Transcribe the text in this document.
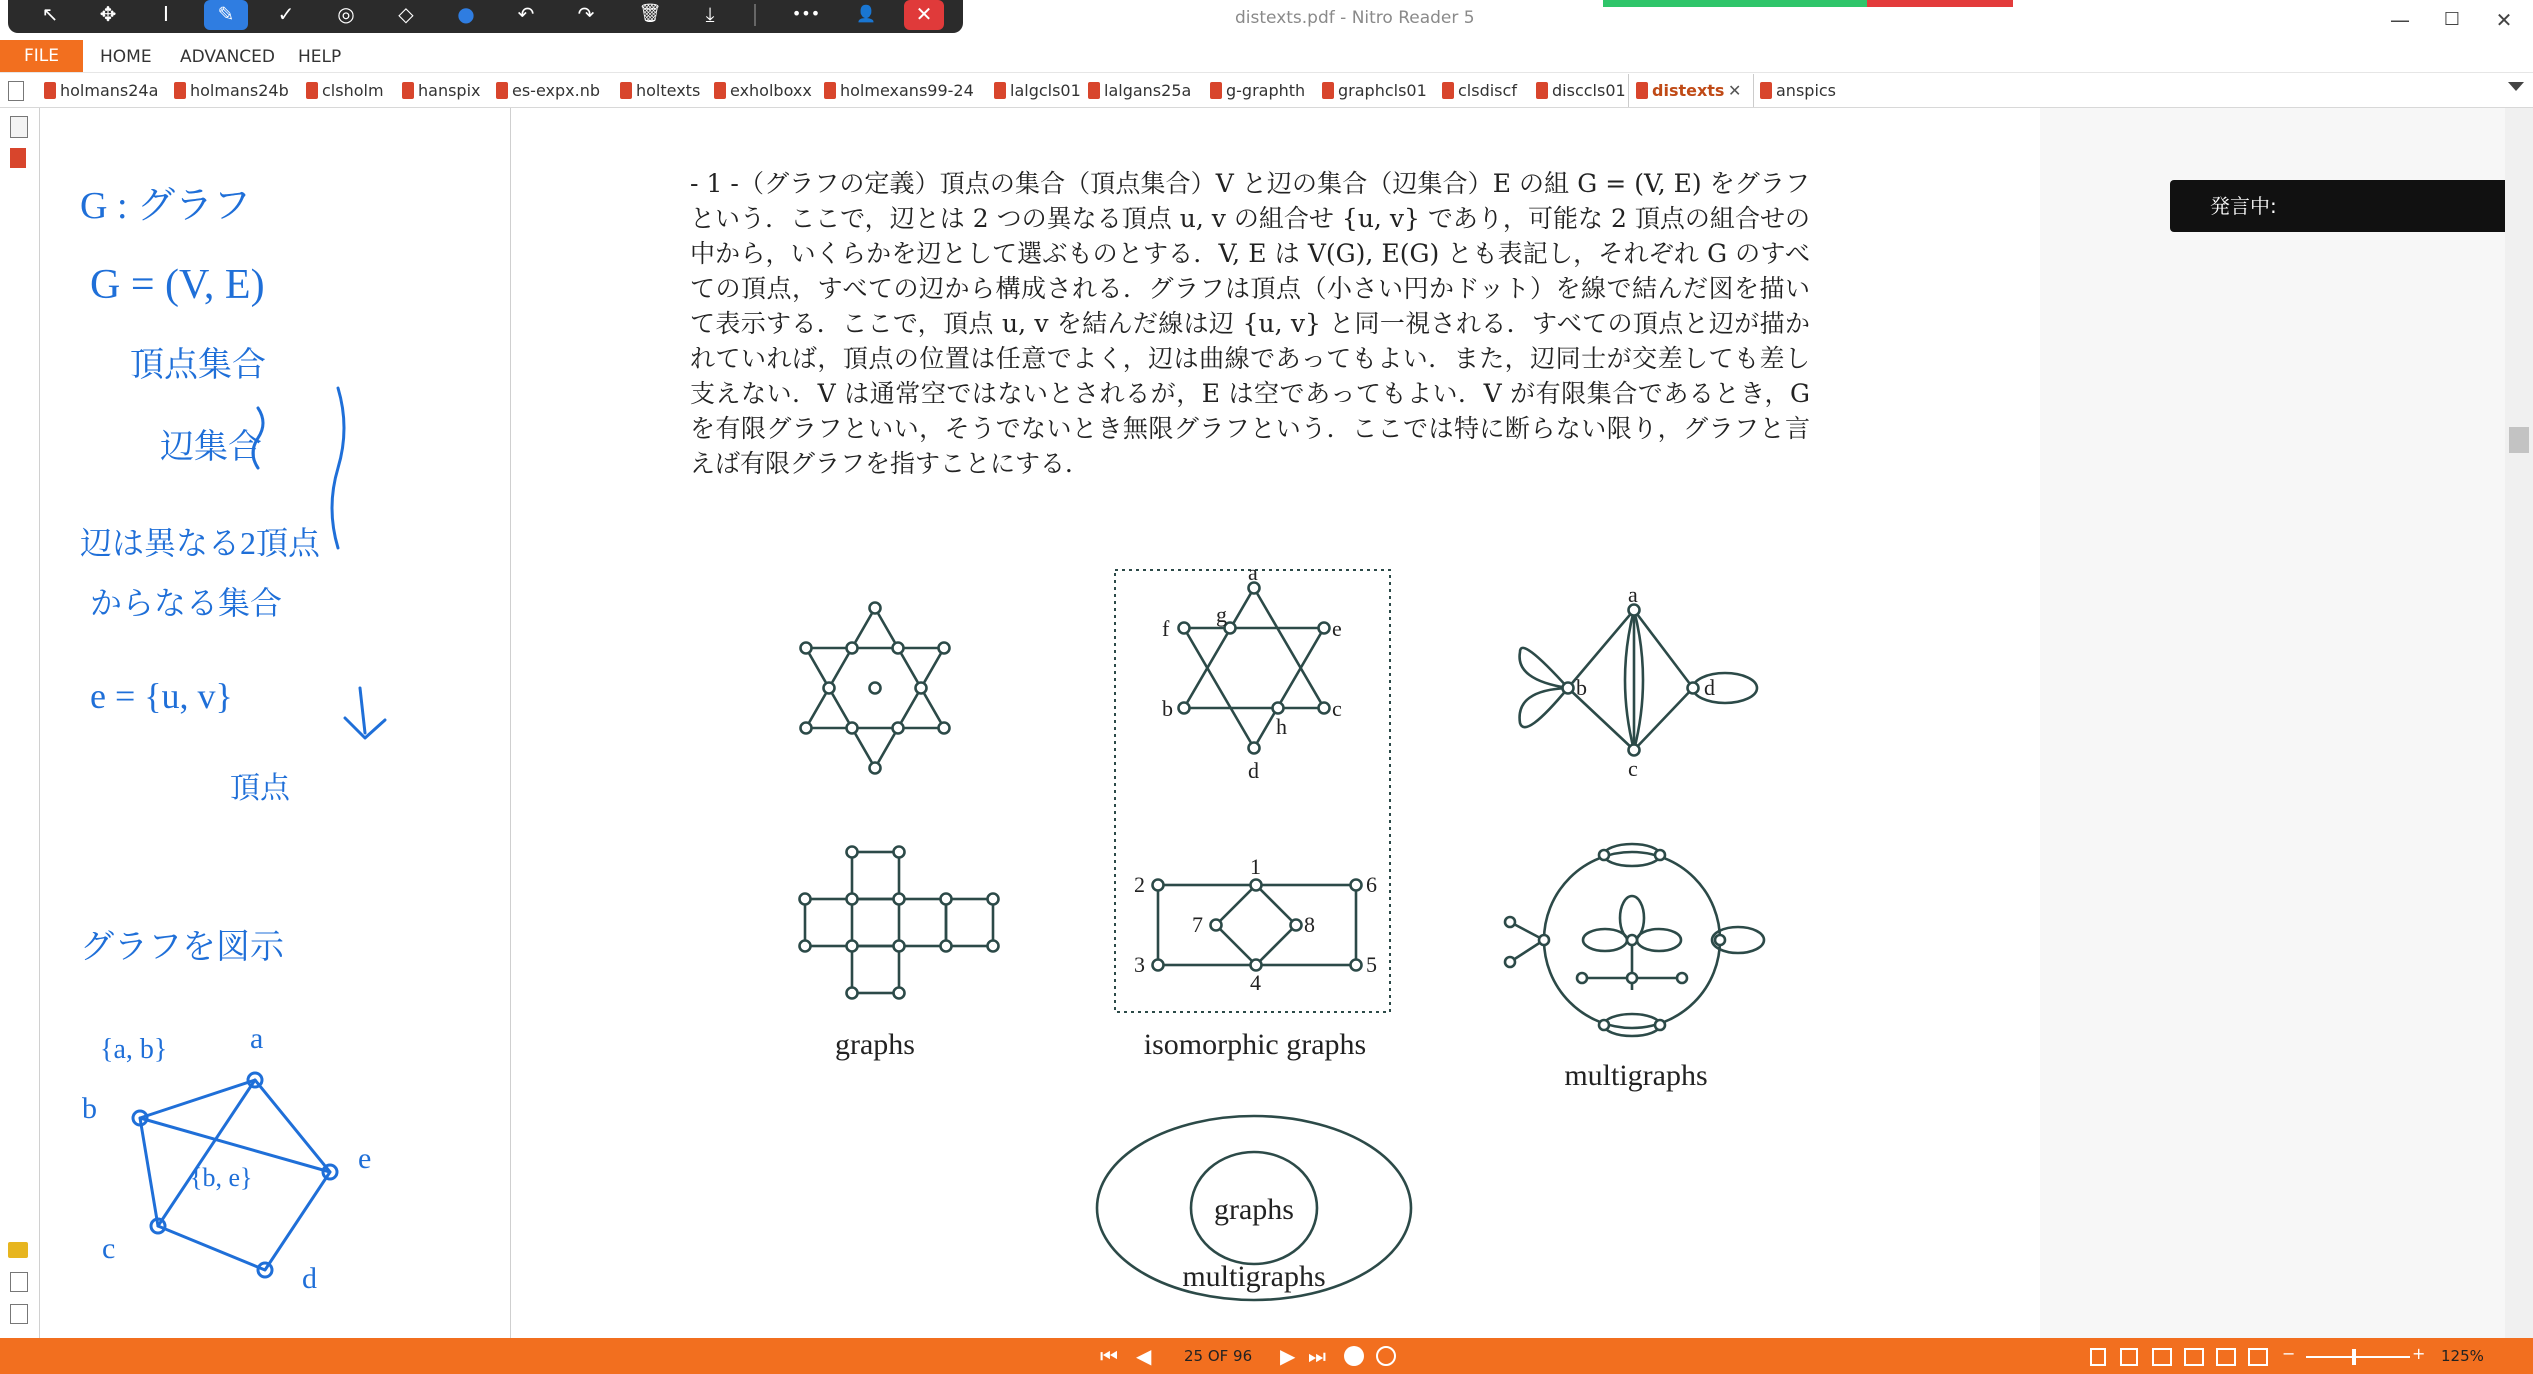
distexts.pdf - Nitro Reader 5	—	☐	✕
↖	✥	I	✎	✓	◎	◇	●	↶	↷	🗑	⤓	•••	👤	✕
FILE	HOME ADVANCED HELP
holmans24a	holmans24b	clsholm	hanspix	es-expx.nb	holtexts	exholboxx	holmexans99-24	lalgcls01	lalgans25a	g-graphth	graphcls01	clsdiscf	disccls01	distexts ✕	anspics
G : グラフ
G = (V, E)
頂点集合
辺集合
辺は異なる2頂点
からなる集合
e = {u, v}
頂点
グラフを図示
{a, b}
{b, e}
a
b
e
c
d
- 1 -（グラフの定義）頂点の集合（頂点集合）V と辺の集合（辺集合）E の組 G = (V, E) をグラフという．ここで，辺とは 2 つの異なる頂点 u, v の組合せ {u, v} であり，可能な 2 頂点の組合せの中から，いくらかを辺として選ぶものとする．V, E は V(G), E(G) とも表記し，それぞれ G のすべての頂点，すべての辺から構成される．グラフは頂点（小さい円かドット）を線で結んだ図を描いて表示する．ここで，頂点 u, v を結んだ線は辺 {u, v} と同一視される．すべての頂点と辺が描かれていれば，頂点の位置は任意でよく，辺は曲線であってもよい．また，辺同士が交差しても差し支えない．V は通常空ではないとされるが，E は空であってもよい．V が有限集合であるとき，G を有限グラフといい，そうでないとき無限グラフという．ここでは特に断らない限り，グラフと言えば有限グラフを指すことにする．
a
g
f	e
b	c
h
d
1
2	6
7	8
3	5
4
a
b	d
c
graphs	isomorphic graphs
multigraphs
graphs
multigraphs
発言中:
⏮ ◀ 25 OF 96 ▶ ⏭	−	+ 125%
